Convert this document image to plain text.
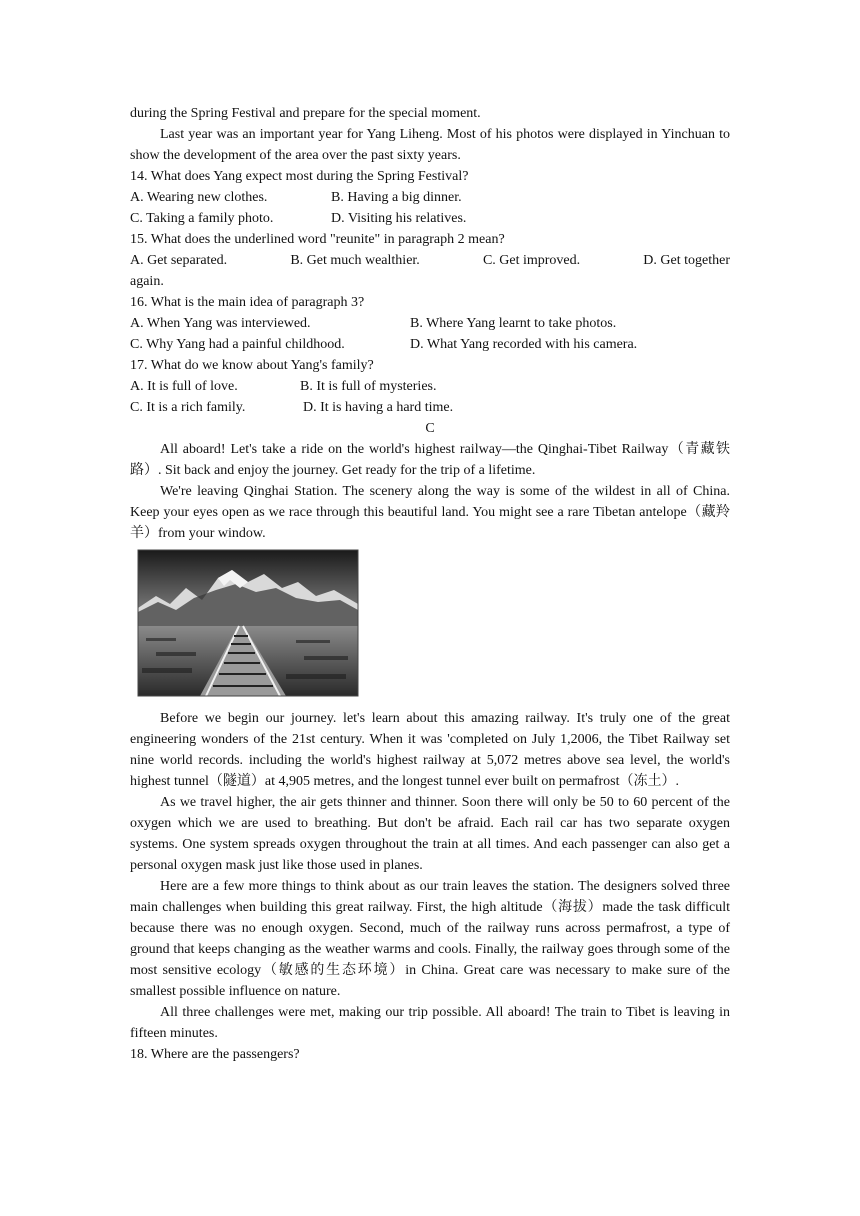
during the Spring Festival and prepare for the special moment.

Last year was an important year for Yang Liheng. Most of his photos were displayed in Yinchuan to show the development of the area over the past sixty years.

14. What does Yang expect most during the Spring Festival?

A. Wearing new clothes.	B. Having a big dinner.
C. Taking a family photo.	D. Visiting his relatives.

15. What does the underlined word "reunite" in paragraph 2 mean?

A. Get separated.	B. Get much wealthier.	C. Get improved.	D. Get together

again.

16. What is the main idea of paragraph 3?

A. When Yang was interviewed.	B. Where Yang learnt to take photos.
C. Why Yang had a painful childhood.	D. What Yang recorded with his camera.

17. What do we know about Yang's family?

A. It is full of love.	B. It is full of mysteries.
C. It is a rich family.	D. It is having a hard time.

C

All aboard! Let's take a ride on the world's highest railway—the Qinghai-Tibet Railway（青藏铁路）. Sit back and enjoy the journey. Get ready for the trip of a lifetime.

We're leaving Qinghai Station. The scenery along the way is some of the wildest in all of China. Keep your eyes open as we race through this beautiful land. You might see a rare Tibetan antelope（藏羚羊）from your window.

Before we begin our journey. let's learn about this amazing railway. It's truly one of the great engineering wonders of the 21st century. When it was 'completed on July 1,2006, the Tibet Railway set nine world records. including the world's highest railway at 5,072 metres above sea level, the world's highest tunnel（隧道）at 4,905 metres, and the longest tunnel ever built on permafrost（冻土）.

As we travel higher, the air gets thinner and thinner. Soon there will only be 50 to 60 percent of the oxygen which we are used to breathing. But don't be afraid. Each rail car has two separate oxygen systems. One system spreads oxygen throughout the train at all times. And each passenger can also get a personal oxygen mask just like those used in planes.

Here are a few more things to think about as our train leaves the station. The designers solved three main challenges when building this great railway. First, the high altitude（海拔）made the task difficult because there was no enough oxygen. Second, much of the railway runs across permafrost, a type of ground that keeps changing as the weather warms and cools. Finally, the railway goes through some of the most sensitive ecology（敏感的生态环境）in China. Great care was necessary to make sure of the smallest possible influence on nature.

All three challenges were met, making our trip possible. All aboard! The train to Tibet is leaving in fifteen minutes.

18. Where are the passengers?
